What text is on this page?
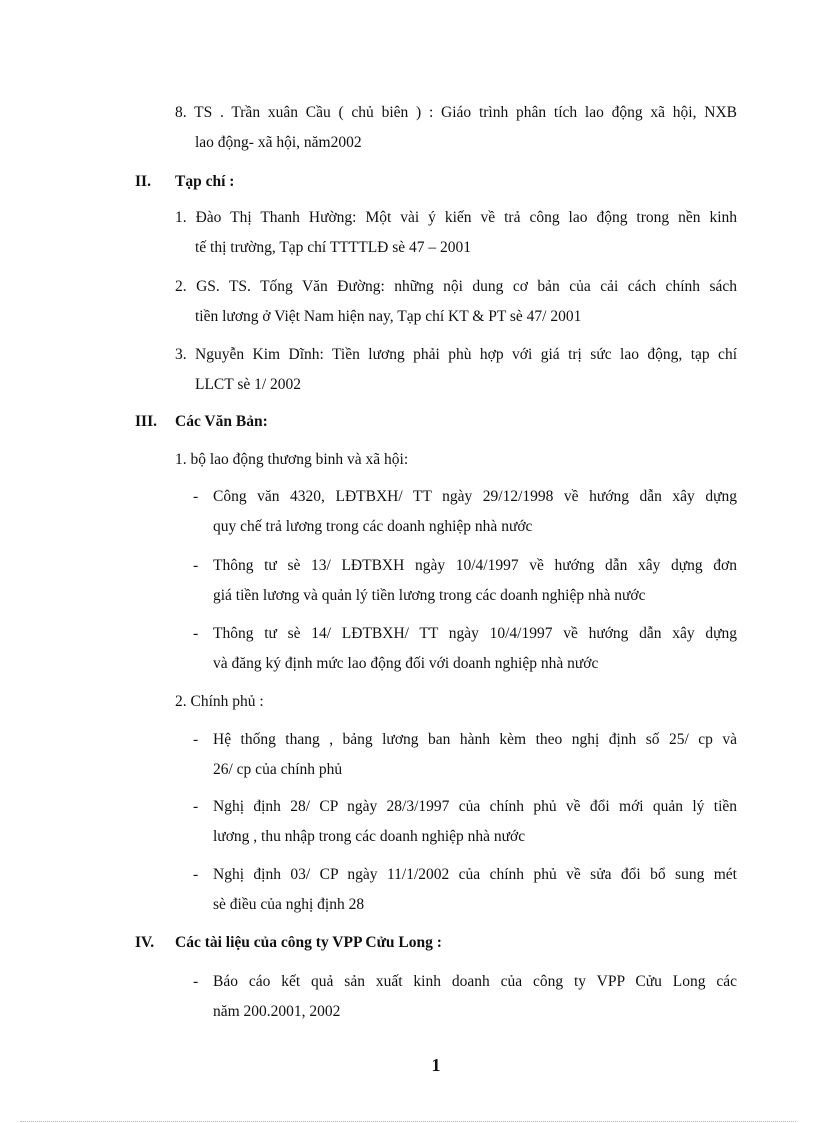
8. TS . Trần xuân Cầu ( chủ biên ) : Giáo trình phân tích lao động xã hội, NXB
lao động- xã hội, năm2002
II. Tạp chí :
1. Đào Thị Thanh Hường: Một vài ý kiến về trả công lao động trong nền kinh
tế thị trường, Tạp chí TTTTLĐ sè 47 – 2001
2. GS. TS. Tống Văn Đường: những nội dung cơ bản của cải cách chính sách
tiền lương ở Việt Nam hiện nay, Tạp chí KT & PT sè 47/ 2001
3. Nguyễn Kim Dĩnh: Tiền lương phải phù hợp với giá trị sức lao động, tạp chí
LLCT sè 1/ 2002
III. Các Văn Bản:
1. bộ lao động thương binh và xã hội:
- Công văn 4320, LĐTBXH/ TT ngày 29/12/1998 về hướng dẫn xây dựng
quy chế trả lương trong các doanh nghiệp nhà nước
- Thông tư sè 13/ LĐTBXH ngày 10/4/1997 về hướng dẫn xây dựng đơn
giá tiền lương và quản lý tiền lương trong các doanh nghiệp nhà nước
- Thông tư sè 14/ LĐTBXH/ TT ngày 10/4/1997 về hướng dẫn xây dựng
và đăng ký định mức lao động đối với doanh nghiệp nhà nước
2. Chính phủ :
- Hệ thống thang , bảng lương ban hành kèm theo nghị định số 25/ cp và
26/ cp của chính phủ
- Nghị định 28/ CP ngày 28/3/1997 của chính phủ về đổi mới quản lý tiền
lương , thu nhập trong các doanh nghiệp nhà nước
- Nghị định 03/ CP ngày 11/1/2002 của chính phủ về sửa đổi bổ sung mét
sè điều của nghị định 28
IV. Các tài liệu của công ty VPP Cửu Long :
- Báo cáo kết quả sản xuất kinh doanh của công ty VPP Cửu Long các
năm 200.2001, 2002
1
